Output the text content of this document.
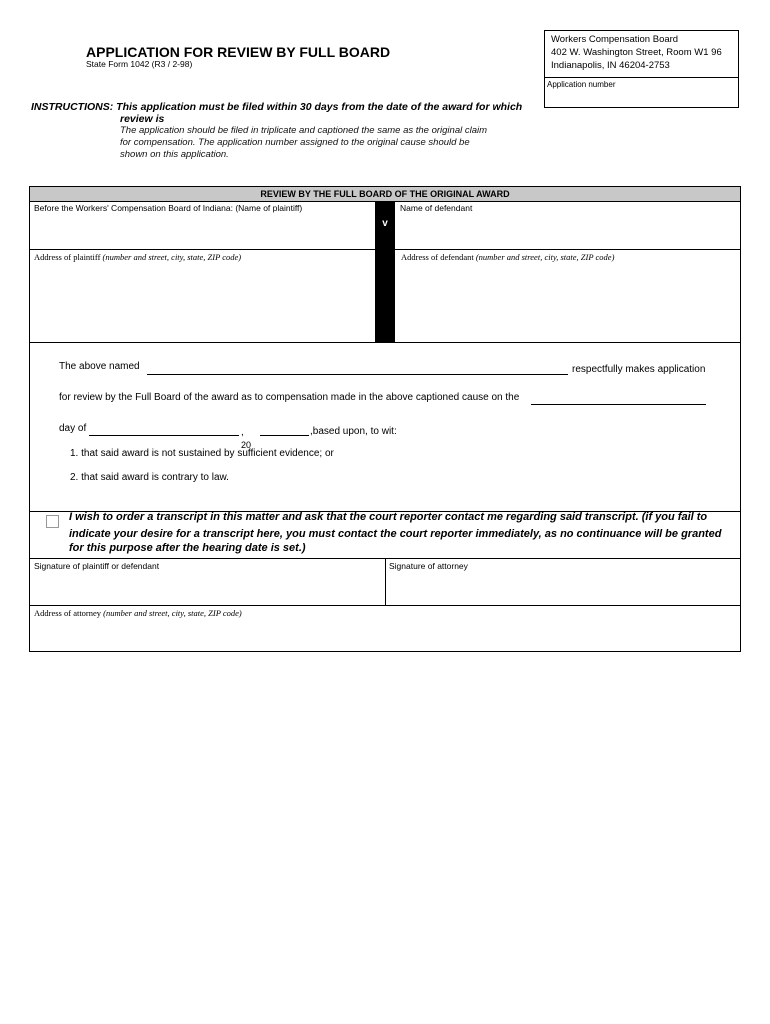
APPLICATION FOR REVIEW BY FULL BOARD
State Form 1042 (R3 / 2-98)
Workers Compensation Board
402 W. Washington Street, Room W1 96
Indianapolis, IN 46204-2753
Application number
INSTRUCTIONS: This application must be filed within 30 days from the date of the award for which
review is
The application should be filed in triplicate and captioned the same as the original claim
for compensation. The application number assigned to the original cause should be
shown on this application.
REVIEW BY THE FULL BOARD OF THE ORIGINAL AWARD
v
Before the Workers' Compensation Board of Indiana: (Name of plaintiff)	Name of defendant
Address of plaintiff (number and street, city, state, ZIP code)	Address of defendant (number and street, city, state, ZIP code)
The above named	respectfully makes application
for review by the Full Board of the award as to compensation made in the above captioned cause on the
day of	,
20
,based upon, to wit:
1. that said award is not sustained by sufficient evidence; or
2. that said award is contrary to law.
I wish to order a transcript in this matter and ask that the court reporter contact me regarding said transcript. (if you fail to
indicate your desire for a transcript here, you must contact the court reporter immediately, as no continuance will be granted
for this purpose after the hearing date is set.)
Signature of plaintiff or defendant	Signature of attorney
Address of attorney (number and street, city, state, ZIP code)
